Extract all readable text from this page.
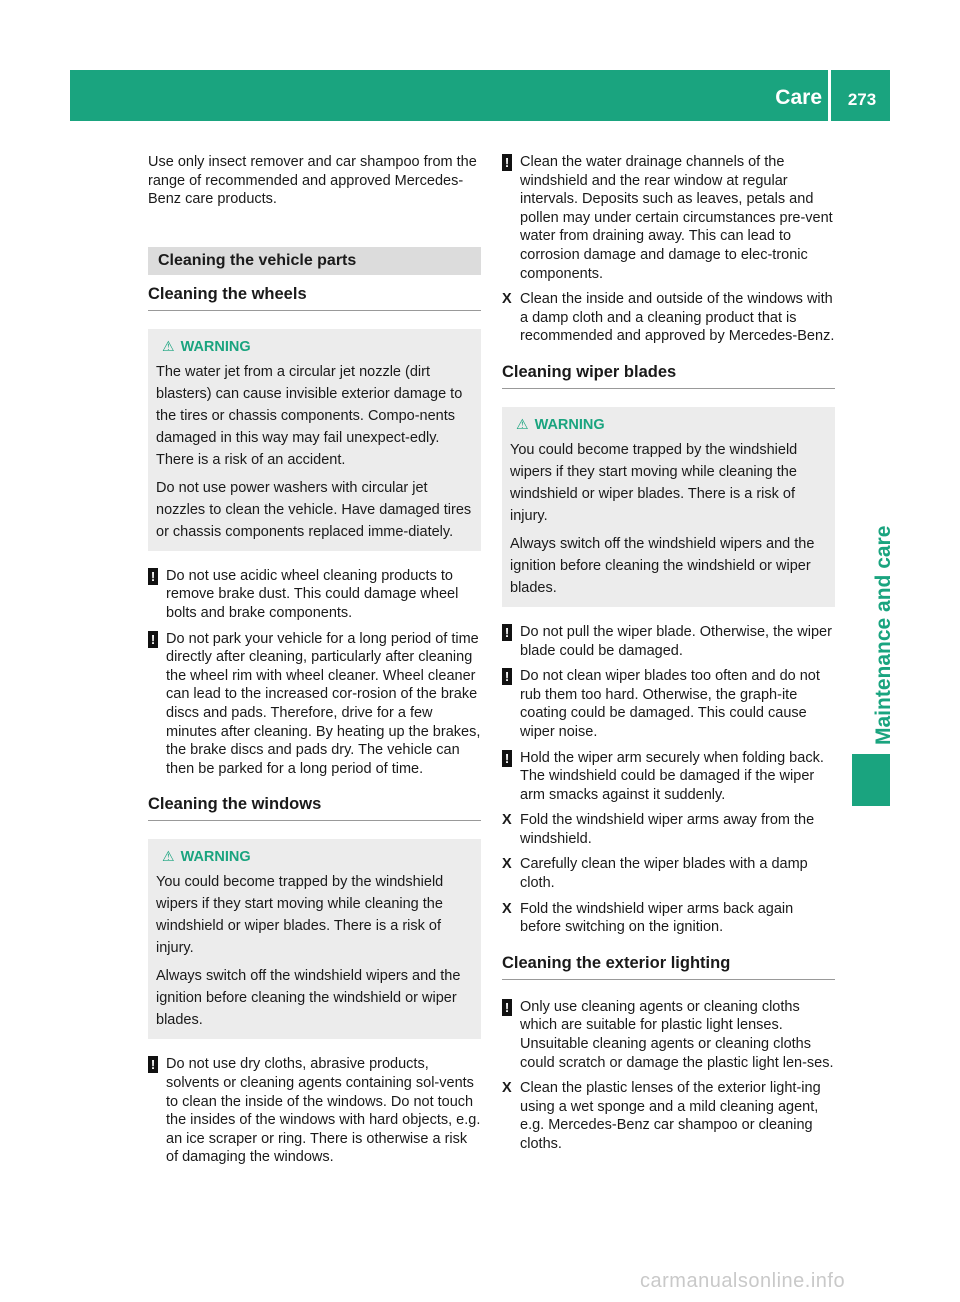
Care	273
Maintenance and care

Use only insect remover and car shampoo from the range of recommended and approved Mercedes-Benz care products.

Cleaning the vehicle parts
Cleaning the wheels
⚠ WARNING

The water jet from a circular jet nozzle (dirt blasters) can cause invisible exterior damage to the tires or chassis components. Compo-nents damaged in this way may fail unexpect-edly. There is a risk of an accident.

Do not use power washers with circular jet nozzles to clean the vehicle. Have damaged tires or chassis components replaced imme-diately.

! Do not use acidic wheel cleaning products to remove brake dust. This could damage wheel bolts and brake components.

! Do not park your vehicle for a long period of time directly after cleaning, particularly after cleaning the wheel rim with wheel cleaner. Wheel cleaner can lead to the increased cor-rosion of the brake discs and pads. Therefore, drive for a few minutes after cleaning. By heating up the brakes, the brake discs and pads dry. The vehicle can then be parked for a long period of time.

Cleaning the windows
⚠ WARNING

You could become trapped by the windshield wipers if they start moving while cleaning the windshield or wiper blades. There is a risk of injury.

Always switch off the windshield wipers and the ignition before cleaning the windshield or wiper blades.

! Do not use dry cloths, abrasive products, solvents or cleaning agents containing sol-vents to clean the inside of the windows. Do not touch the insides of the windows with hard objects, e.g. an ice scraper or ring. There is otherwise a risk of damaging the windows.

! Clean the water drainage channels of the windshield and the rear window at regular intervals. Deposits such as leaves, petals and pollen may under certain circumstances pre-vent water from draining away. This can lead to corrosion damage and damage to elec-tronic components.

X Clean the inside and outside of the windows with a damp cloth and a cleaning product that is recommended and approved by Mercedes-Benz.

Cleaning wiper blades
⚠ WARNING

You could become trapped by the windshield wipers if they start moving while cleaning the windshield or wiper blades. There is a risk of injury.

Always switch off the windshield wipers and the ignition before cleaning the windshield or wiper blades.

! Do not pull the wiper blade. Otherwise, the wiper blade could be damaged.

! Do not clean wiper blades too often and do not rub them too hard. Otherwise, the graph-ite coating could be damaged. This could cause wiper noise.

! Hold the wiper arm securely when folding back. The windshield could be damaged if the wiper arm smacks against it suddenly.

X Fold the windshield wiper arms away from the windshield.

X Carefully clean the wiper blades with a damp cloth.

X Fold the windshield wiper arms back again before switching on the ignition.

Cleaning the exterior lighting
! Only use cleaning agents or cleaning cloths which are suitable for plastic light lenses. Unsuitable cleaning agents or cleaning cloths could scratch or damage the plastic light len-ses.

X Clean the plastic lenses of the exterior light-ing using a wet sponge and a mild cleaning agent, e.g. Mercedes-Benz car shampoo or cleaning cloths.

carmanualsonline.info
